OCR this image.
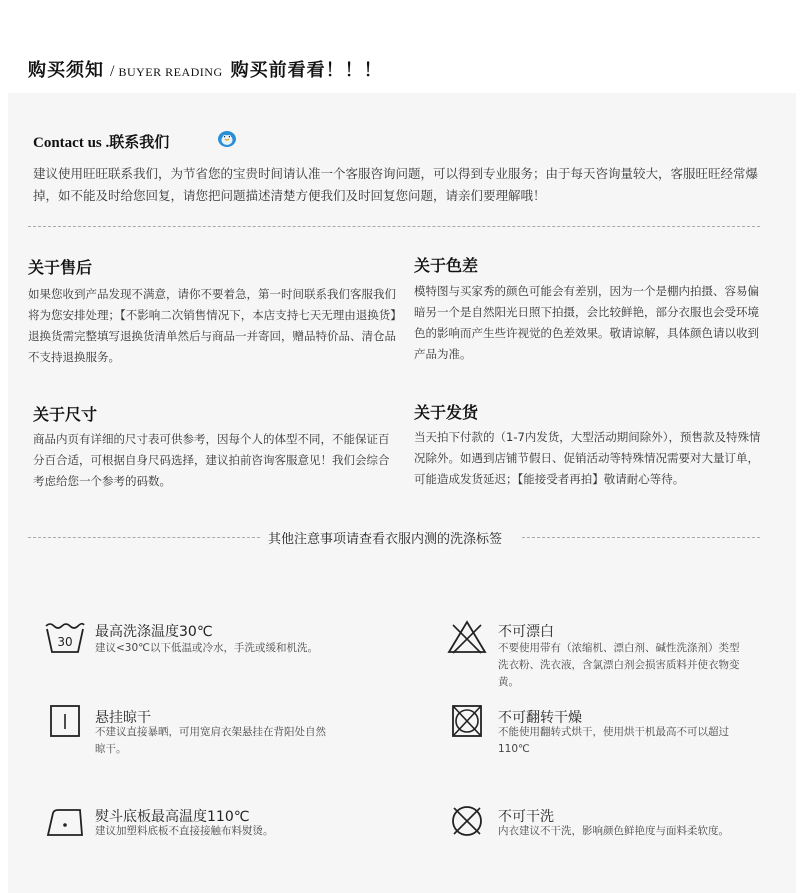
购买须知 / BUYER READING 购买前看看！！！
Contact us .联系我们
建议使用旺旺联系我们，为节省您的宝贵时间请认准一个客服咨询问题，可以得到专业服务；由于每天咨询量较大，客服旺旺经常爆掉，如不能及时给您回复，请您把问题描述清楚方便我们及时回复您问题，请亲们要理解哦！
关于售后
如果您收到产品发现不满意，请你不要着急，第一时间联系我们客服我们将为您安排处理；【不影响二次销售情况下，本店支持七天无理由退换货】退换货需完整填写退换货清单然后与商品一并寄回，赠品特价品、清仓品不支持退换服务。
关于色差
模特图与买家秀的颜色可能会有差别，因为一个是棚内拍摄、容易偏暗另一个是自然阳光日照下拍摄，会比较鲜艳，部分衣服也会受环境色的影响而产生些许视觉的色差效果。敬请谅解，具体颜色请以收到产品为准。
关于尺寸
商品内页有详细的尺寸表可供参考，因每个人的体型不同，不能保证百分百合适，可根据自身尺码选择，建议拍前咨询客服意见！我们会综合考虑给您一个参考的码数。
关于发货
当天拍下付款的（1-7内发货，大型活动期间除外），预售款及特殊情况除外。如遇到店铺节假日、促销活动等特殊情况需要对大量订单，可能造成发货延迟；【能接受者再拍】敬请耐心等待。
其他注意事项请查看衣服内测的洗涤标签
30
最高洗涤温度30℃
建议<30℃以下低温或冷水，手洗或缓和机洗。
不可漂白
不要使用带有（浓缩机、漂白剂、碱性洗涤剂）类型洗衣粉、洗衣液，含氯漂白剂会损害质料并使衣物变黄。
悬挂晾干
不建议直接暴晒，可用宽肩衣架悬挂在背阳处自然晾干。
不可翻转干燥
不能使用翻转式烘干，使用烘干机最高不可以超过110℃
熨斗底板最高温度110℃
建议加塑料底板不直接接触布料熨烫。
不可干洗
内衣建议不干洗，影响颜色鲜艳度与面料柔软度。
